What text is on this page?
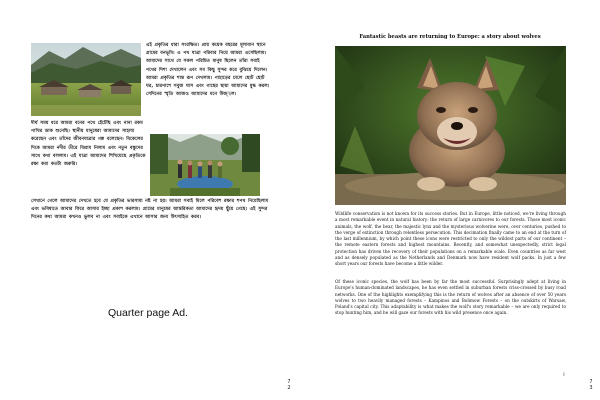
এই প্রকৃতির ধারা সংরক্ষিত। প্রায় কয়েক বছরের মূল্যবান স্থানে গ্রামের বনভূমি। এ পথ যাত্রা পরিবার নিয়ে আমরা এসেছিলাম। আমাদের সাথে যে সকল পরিচিত মানুষ ছিলেন তাঁরা সবাই পথের দিশা দেখালেন এবং সব কিছু সুন্দর করে বুঝিয়ে দিলেন। আমরা প্রকৃতির শান্ত রূপ দেখলাম। পাহাড়ের ঢালে ছোট ছোট ঘর, চারপাশে সবুজ ঘাস এবং গাছের ছায়া আমাদের মুগ্ধ করল। সেদিনের স্মৃতি আজও আমাদের মনে উজ্জ্বল।
দীর্ঘ সময় ধরে আমরা বনের পথে হেঁটেছি এবং নানা রকম পাখির ডাক শুনেছি। স্থানীয় মানুষেরা আমাদের সাহায্য করেছেন এবং তাঁদের জীবনযাত্রার গল্প বলেছেন। বিকেলের দিকে আমরা নদীর তীরে বিশ্রাম নিলাম এবং নতুন বন্ধুদের সাথে কথা বললাম। এই যাত্রা আমাদের শিখিয়েছে প্রকৃতিকে রক্ষা করা কতটা জরুরি।
সেখানে গেলে আমাদের দেখতে হবে যে প্রকৃতির ভারসাম্য নষ্ট না হয়। আমরা সবাই মিলে পরিবেশ রক্ষার শপথ নিয়েছিলাম এবং ভবিষ্যতে আবার ফিরে আসার ইচ্ছা প্রকাশ করলাম। গ্রামের মানুষের আন্তরিকতা আমাদের হৃদয় ছুঁয়ে গেছে। এই সুন্দর দিনের কথা আমরা কখনও ভুলব না এবং সবাইকে এখানে আসার জন্য উৎসাহিত করব।
Quarter page Ad.
7
2
Fantastic beasts are returning to Europe: a story about wolves
Wildlife conservation is not known for its success stories. But in Europe, little noticed, we're living through a most remarkable event in natural history: the return of large carnivores to our forests. Those most iconic animals, the wolf, the bear, the majestic lynx and the mysterious wolverine were, over centuries, pushed to the verge of extinction through relentless persecution. This decimation finally came to an end at the turn of the last millennium, by which point these icons were restricted to only the wildest parts of our continent – the remote eastern forests and highest mountains. Recently, and somewhat unexpectedly, strict legal protection has driven the recovery of their populations on a remarkable scale. Even countries as far west and as densely populated as the Netherlands and Denmark now have resident wolf packs. In just a few short years our forests have become a little wilder.
Of these iconic species, the wolf has been by far the most successful. Surprisingly adept at living in Europe's human-dominated landscapes, he has even settled in suburban forests criss-crossed by busy road networks. One of the highlights exemplifying this is the return of wolves after an absence of over 50 years wolves to two heavily managed forests – Kampinos and Bolimow Forests – on the outskirts of Warsaw, Poland's capital city. This adaptability is what makes the wolf's story remarkable – we are only required to stop hunting him, and he will gaze our forests with his wild presence once again.
i
7
3
